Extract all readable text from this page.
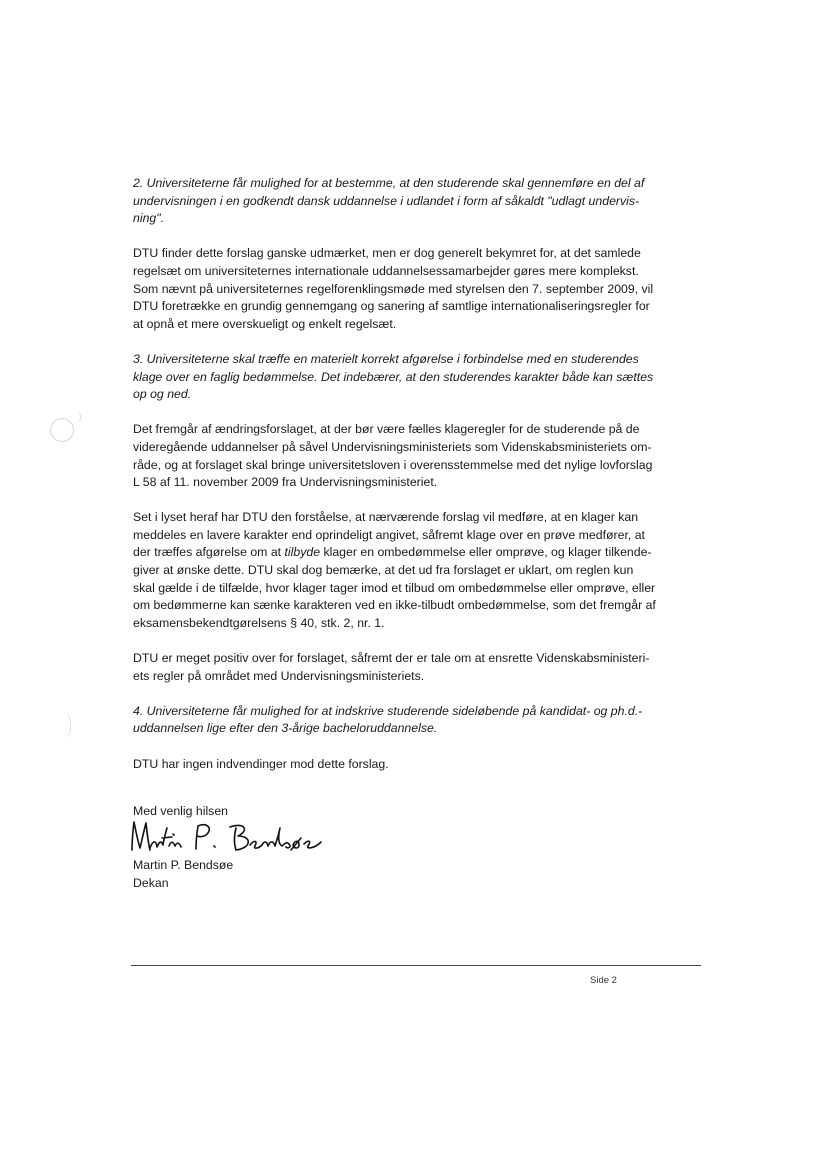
2. Universiteterne får mulighed for at bestemme, at den studerende skal gennemføre en del af
undervisningen i en godkendt dansk uddannelse i udlandet i form af såkaldt "udlagt undervis-
ning".

DTU finder dette forslag ganske udmærket, men er dog generelt bekymret for, at det samlede
regelsæt om universiteternes internationale uddannelsessamarbejder gøres mere komplekst.
Som nævnt på universiteternes regelforenklingsmøde med styrelsen den 7. september 2009, vil
DTU foretrække en grundig gennemgang og sanering af samtlige internationaliseringsregler for
at opnå et mere overskueligt og enkelt regelsæt.

3. Universiteterne skal træffe en materielt korrekt afgørelse i forbindelse med en studerendes
klage over en faglig bedømmelse. Det indebærer, at den studerendes karakter både kan sættes
op og ned.

Det fremgår af ændringsforslaget, at der bør være fælles klageregler for de studerende på de
videregående uddannelser på såvel Undervisningsministeriets som Videnskabsministeriets om-
råde, og at forslaget skal bringe universitetsloven i overensstemmelse med det nylige lovforslag
L 58 af 11. november 2009 fra Undervisningsministeriet.

Set i lyset heraf har DTU den forståelse, at nærværende forslag vil medføre, at en klager kan
meddeles en lavere karakter end oprindeligt angivet, såfremt klage over en prøve medfører, at
der træffes afgørelse om at tilbyde klager en ombedømmelse eller omprøve, og klager tilkende-
giver at ønske dette. DTU skal dog bemærke, at det ud fra forslaget er uklart, om reglen kun
skal gælde i de tilfælde, hvor klager tager imod et tilbud om ombedømmelse eller omprøve, eller
om bedømmerne kan sænke karakteren ved en ikke-tilbudt ombedømmelse, som det fremgår af
eksamensbekendtgørelsens § 40, stk. 2, nr. 1.

DTU er meget positiv over for forslaget, såfremt der er tale om at ensrette Videnskabsministeri-
ets regler på området med Undervisningsministeriets.

4. Universiteterne får mulighed for at indskrive studerende sideløbende på kandidat- og ph.d.-
uddannelsen lige efter den 3-årige bacheloruddannelse.

DTU har ingen indvendinger mod dette forslag.

Med venlig hilsen
Martin P. Bendsøe
Dekan
Side 2
